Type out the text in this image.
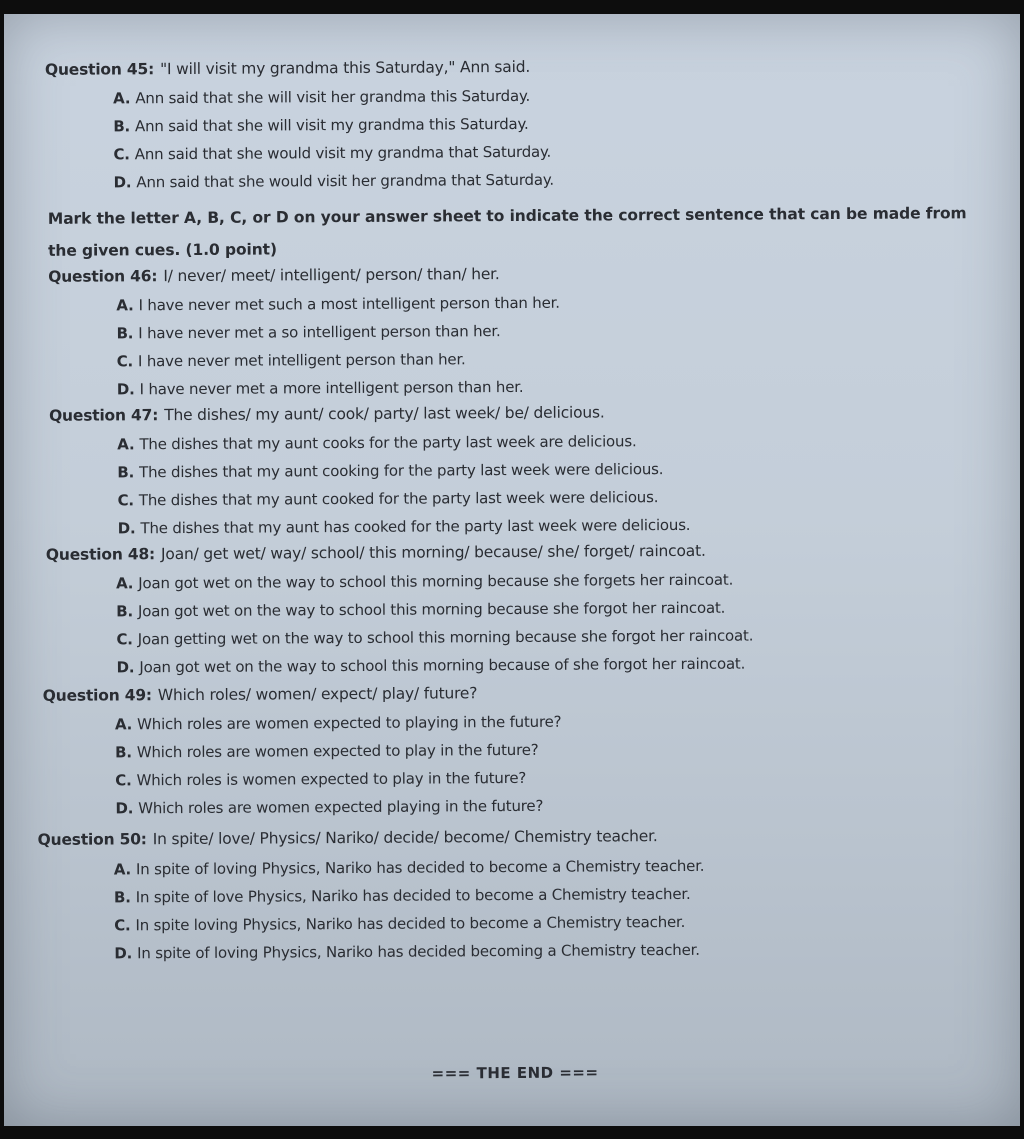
Question 45: "I will visit my grandma this Saturday," Ann said.
A. Ann said that she will visit her grandma this Saturday.
B. Ann said that she will visit my grandma this Saturday.
C. Ann said that she would visit my grandma that Saturday.
D. Ann said that she would visit her grandma that Saturday.
Mark the letter A, B, C, or D on your answer sheet to indicate the correct sentence that can be made from the given cues. (1.0 point)
Question 46: I/ never/ meet/ intelligent/ person/ than/ her.
A. I have never met such a most intelligent person than her.
B. I have never met a so intelligent person than her.
C. I have never met intelligent person than her.
D. I have never met a more intelligent person than her.
Question 47: The dishes/ my aunt/ cook/ party/ last week/ be/ delicious.
A. The dishes that my aunt cooks for the party last week are delicious.
B. The dishes that my aunt cooking for the party last week were delicious.
C. The dishes that my aunt cooked for the party last week were delicious.
D. The dishes that my aunt has cooked for the party last week were delicious.
Question 48: Joan/ get wet/ way/ school/ this morning/ because/ she/ forget/ raincoat.
A. Joan got wet on the way to school this morning because she forgets her raincoat.
B. Joan got wet on the way to school this morning because she forgot her raincoat.
C. Joan getting wet on the way to school this morning because she forgot her raincoat.
D. Joan got wet on the way to school this morning because of she forgot her raincoat.
Question 49: Which roles/ women/ expect/ play/ future?
A. Which roles are women expected to playing in the future?
B. Which roles are women expected to play in the future?
C. Which roles is women expected to play in the future?
D. Which roles are women expected playing in the future?
Question 50: In spite/ love/ Physics/ Nariko/ decide/ become/ Chemistry teacher.
A. In spite of loving Physics, Nariko has decided to become a Chemistry teacher.
B. In spite of love Physics, Nariko has decided to become a Chemistry teacher.
C. In spite loving Physics, Nariko has decided to become a Chemistry teacher.
D. In spite of loving Physics, Nariko has decided becoming a Chemistry teacher.
=== THE END ===
